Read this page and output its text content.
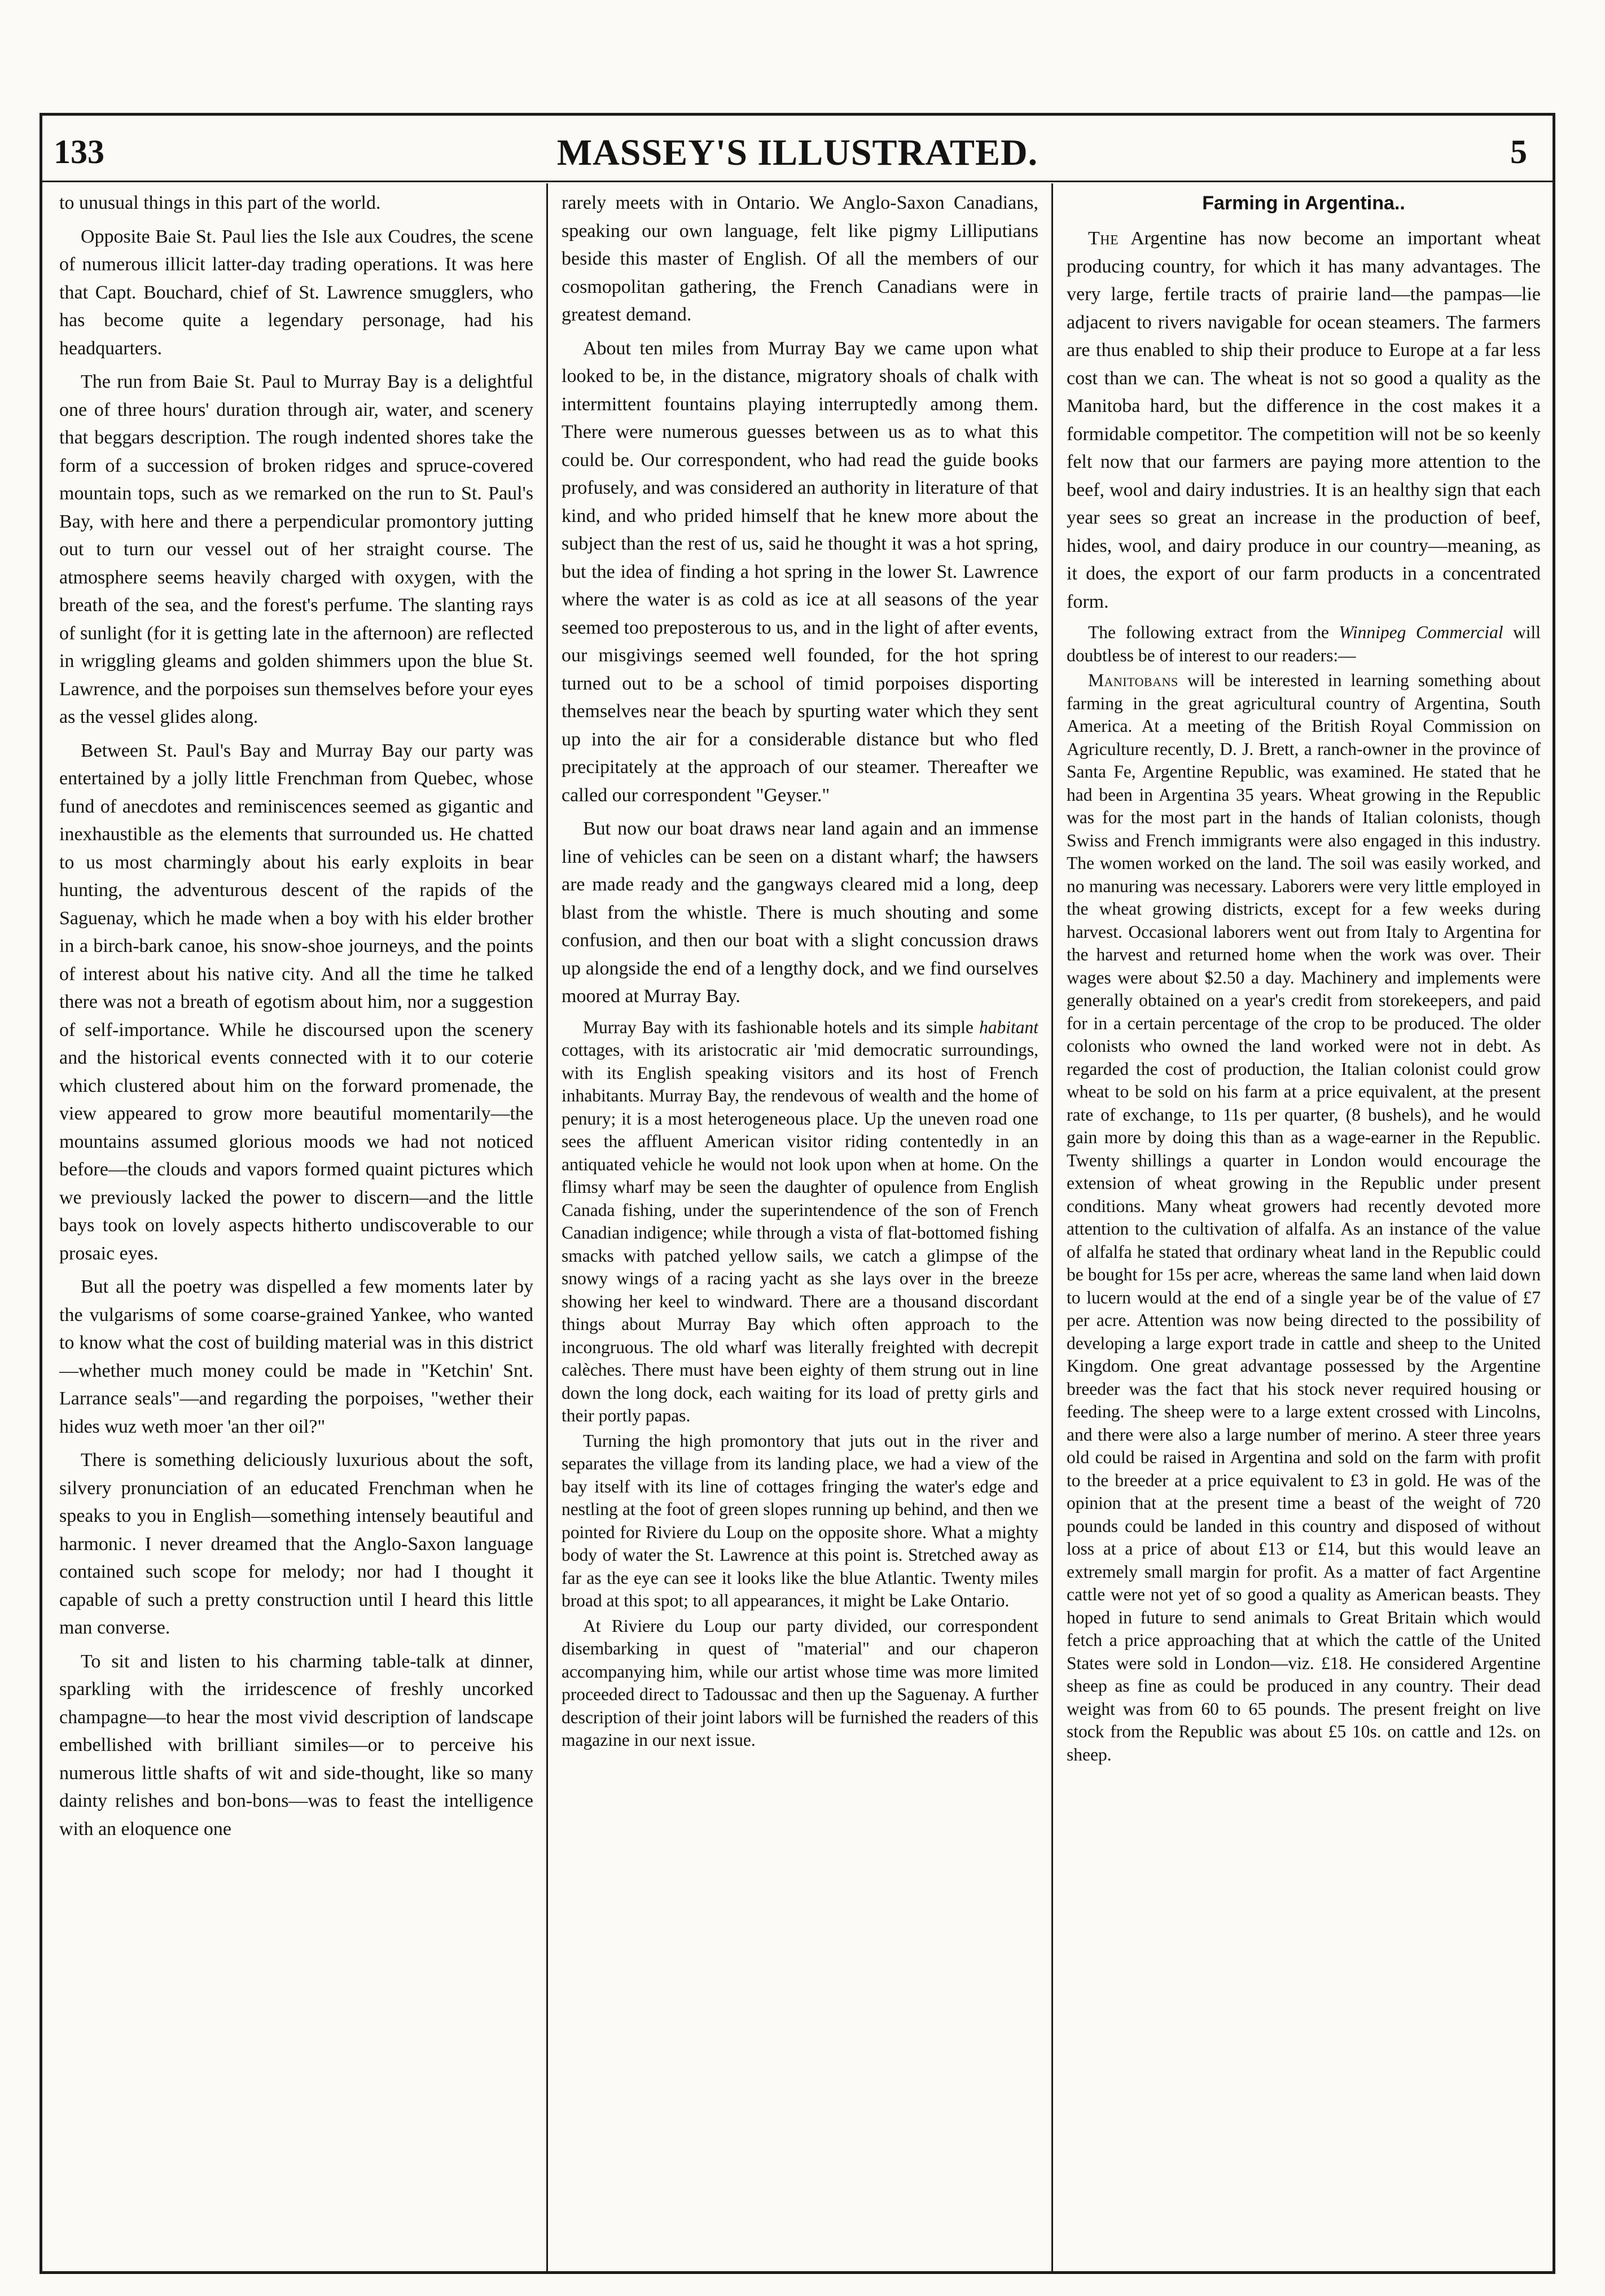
133	MASSEY'S ILLUSTRATED.	5

to unusual things in this part of the world.

Opposite Baie St. Paul lies the Isle aux Coudres, the scene of numerous illicit latter-day trading operations. It was here that Capt. Bouchard, chief of St. Lawrence smugglers, who has become quite a legendary personage, had his headquarters.

The run from Baie St. Paul to Murray Bay is a delightful one of three hours' duration through air, water, and scenery that beggars description. The rough indented shores take the form of a succession of broken ridges and spruce-covered mountain tops, such as we remarked on the run to St. Paul's Bay, with here and there a perpendicular promontory jutting out to turn our vessel out of her straight course. The atmosphere seems heavily charged with oxygen, with the breath of the sea, and the forest's perfume. The slanting rays of sunlight (for it is getting late in the afternoon) are reflected in wriggling gleams and golden shimmers upon the blue St. Lawrence, and the porpoises sun themselves before your eyes as the vessel glides along.

Between St. Paul's Bay and Murray Bay our party was entertained by a jolly little Frenchman from Quebec, whose fund of anecdotes and reminiscences seemed as gigantic and inexhaustible as the elements that surrounded us. He chatted to us most charmingly about his early exploits in bear hunting, the adventurous descent of the rapids of the Saguenay, which he made when a boy with his elder brother in a birch-bark canoe, his snow-shoe journeys, and the points of interest about his native city. And all the time he talked there was not a breath of egotism about him, nor a suggestion of self-importance. While he discoursed upon the scenery and the historical events connected with it to our coterie which clustered about him on the forward promenade, the view appeared to grow more beautiful momentarily—the mountains assumed glorious moods we had not noticed before—the clouds and vapors formed quaint pictures which we previously lacked the power to discern—and the little bays took on lovely aspects hitherto undiscoverable to our prosaic eyes.

But all the poetry was dispelled a few moments later by the vulgarisms of some coarse-grained Yankee, who wanted to know what the cost of building material was in this district—whether much money could be made in "Ketchin' Snt. Larrance seals"—and regarding the porpoises, "wether their hides wuz weth moer 'an ther oil?"

There is something deliciously luxurious about the soft, silvery pronunciation of an educated Frenchman when he speaks to you in English—something intensely beautiful and harmonic. I never dreamed that the Anglo-Saxon language contained such scope for melody; nor had I thought it capable of such a pretty construction until I heard this little man converse.

To sit and listen to his charming table-talk at dinner, sparkling with the irridescence of freshly uncorked champagne—to hear the most vivid description of landscape embellished with brilliant similes—or to perceive his numerous little shafts of wit and side-thought, like so many dainty relishes and bon-bons—was to feast the intelligence with an eloquence one

rarely meets with in Ontario. We Anglo-Saxon Canadians, speaking our own language, felt like pigmy Lilliputians beside this master of English. Of all the members of our cosmopolitan gathering, the French Canadians were in greatest demand.

About ten miles from Murray Bay we came upon what looked to be, in the distance, migratory shoals of chalk with intermittent fountains playing interruptedly among them. There were numerous guesses between us as to what this could be. Our correspondent, who had read the guide books profusely, and was considered an authority in literature of that kind, and who prided himself that he knew more about the subject than the rest of us, said he thought it was a hot spring, but the idea of finding a hot spring in the lower St. Lawrence where the water is as cold as ice at all seasons of the year seemed too preposterous to us, and in the light of after events, our misgivings seemed well founded, for the hot spring turned out to be a school of timid porpoises disporting themselves near the beach by spurting water which they sent up into the air for a considerable distance but who fled precipitately at the approach of our steamer. Thereafter we called our correspondent "Geyser."

But now our boat draws near land again and an immense line of vehicles can be seen on a distant wharf; the hawsers are made ready and the gangways cleared mid a long, deep blast from the whistle. There is much shouting and some confusion, and then our boat with a slight concussion draws up alongside the end of a lengthy dock, and we find ourselves moored at Murray Bay.

Murray Bay with its fashionable hotels and its simple habitant cottages, with its aristocratic air 'mid democratic surroundings, with its English speaking visitors and its host of French inhabitants. Murray Bay, the rendevous of wealth and the home of penury; it is a most heterogeneous place. Up the uneven road one sees the affluent American visitor riding contentedly in an antiquated vehicle he would not look upon when at home. On the flimsy wharf may be seen the daughter of opulence from English Canada fishing, under the superintendence of the son of French Canadian indigence; while through a vista of flat-bottomed fishing smacks with patched yellow sails, we catch a glimpse of the snowy wings of a racing yacht as she lays over in the breeze showing her keel to windward. There are a thousand discordant things about Murray Bay which often approach to the incongruous. The old wharf was literally freighted with decrepit calèches. There must have been eighty of them strung out in line down the long dock, each waiting for its load of pretty girls and their portly papas.

Turning the high promontory that juts out in the river and separates the village from its landing place, we had a view of the bay itself with its line of cottages fringing the water's edge and nestling at the foot of green slopes running up behind, and then we pointed for Riviere du Loup on the opposite shore. What a mighty body of water the St. Lawrence at this point is. Stretched away as far as the eye can see it looks like the blue Atlantic. Twenty miles broad at this spot; to all appearances, it might be Lake Ontario.

At Riviere du Loup our party divided, our correspondent disembarking in quest of "material" and our chaperon accompanying him, while our artist whose time was more limited proceeded direct to Tadoussac and then up the Saguenay. A further description of their joint labors will be furnished the readers of this magazine in our next issue.

Farming in Argentina..

The Argentine has now become an important wheat producing country, for which it has many advantages. The very large, fertile tracts of prairie land—the pampas—lie adjacent to rivers navigable for ocean steamers. The farmers are thus enabled to ship their produce to Europe at a far less cost than we can. The wheat is not so good a quality as the Manitoba hard, but the difference in the cost makes it a formidable competitor. The competition will not be so keenly felt now that our farmers are paying more attention to the beef, wool and dairy industries. It is an healthy sign that each year sees so great an increase in the production of beef, hides, wool, and dairy produce in our country—meaning, as it does, the export of our farm products in a concentrated form.

The following extract from the Winnipeg Commercial will doubtless be of interest to our readers:—

Manitobans will be interested in learning something about farming in the great agricultural country of Argentina, South America. At a meeting of the British Royal Commission on Agriculture recently, D. J. Brett, a ranch-owner in the province of Santa Fe, Argentine Republic, was examined. He stated that he had been in Argentina 35 years. Wheat growing in the Republic was for the most part in the hands of Italian colonists, though Swiss and French immigrants were also engaged in this industry. The women worked on the land. The soil was easily worked, and no manuring was necessary. Laborers were very little employed in the wheat growing districts, except for a few weeks during harvest. Occasional laborers went out from Italy to Argentina for the harvest and returned home when the work was over. Their wages were about $2.50 a day. Machinery and implements were generally obtained on a year's credit from storekeepers, and paid for in a certain percentage of the crop to be produced. The older colonists who owned the land worked were not in debt. As regarded the cost of production, the Italian colonist could grow wheat to be sold on his farm at a price equivalent, at the present rate of exchange, to 11s per quarter, (8 bushels), and he would gain more by doing this than as a wage-earner in the Republic. Twenty shillings a quarter in London would encourage the extension of wheat growing in the Republic under present conditions. Many wheat growers had recently devoted more attention to the cultivation of alfalfa. As an instance of the value of alfalfa he stated that ordinary wheat land in the Republic could be bought for 15s per acre, whereas the same land when laid down to lucern would at the end of a single year be of the value of £7 per acre. Attention was now being directed to the possibility of developing a large export trade in cattle and sheep to the United Kingdom. One great advantage possessed by the Argentine breeder was the fact that his stock never required housing or feeding. The sheep were to a large extent crossed with Lincolns, and there were also a large number of merino. A steer three years old could be raised in Argentina and sold on the farm with profit to the breeder at a price equivalent to £3 in gold. He was of the opinion that at the present time a beast of the weight of 720 pounds could be landed in this country and disposed of without loss at a price of about £13 or £14, but this would leave an extremely small margin for profit. As a matter of fact Argentine cattle were not yet of so good a quality as American beasts. They hoped in future to send animals to Great Britain which would fetch a price approaching that at which the cattle of the United States were sold in London—viz. £18. He considered Argentine sheep as fine as could be produced in any country. Their dead weight was from 60 to 65 pounds. The present freight on live stock from the Republic was about £5 10s. on cattle and 12s. on sheep.
